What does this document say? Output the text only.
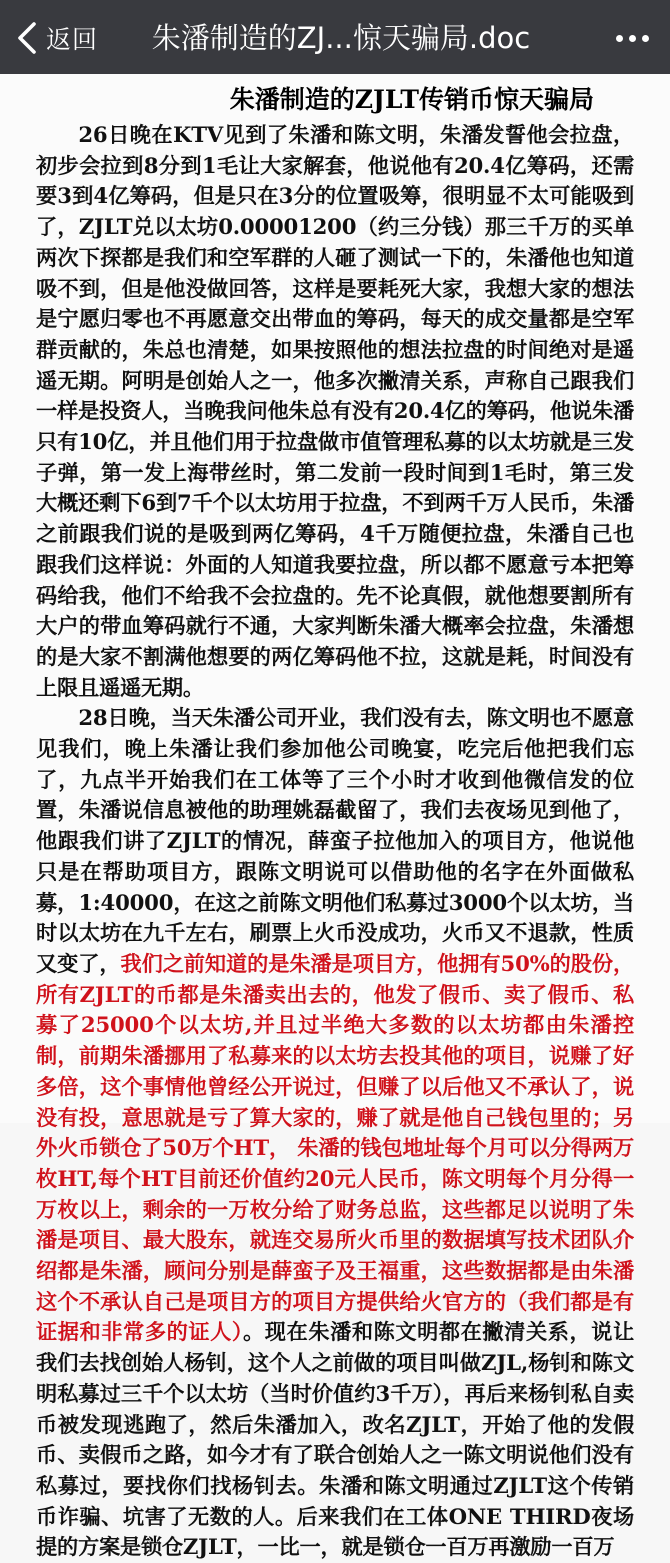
返回	朱潘制造的ZJ...惊天骗局.doc
朱潘制造的ZJLT传销币惊天骗局

26日晚在KTV见到了朱潘和陈文明，朱潘发誓他会拉盘，初步会拉到8分到1毛让大家解套，他说他有20.4亿筹码，还需要3到4亿筹码，但是只在3分的位置吸筹，很明显不太可能吸到了，ZJLT兑以太坊0.00001200（约三分钱）那三千万的买单两次下探都是我们和空军群的人砸了测试一下的，朱潘他也知道吸不到，但是他没做回答，这样是要耗死大家，我想大家的想法是宁愿归零也不再愿意交出带血的筹码，每天的成交量都是空军群贡献的，朱总也清楚，如果按照他的想法拉盘的时间绝对是遥遥无期。阿明是创始人之一，他多次撇清关系，声称自己跟我们一样是投资人，当晚我问他朱总有没有20.4亿的筹码，他说朱潘只有10亿，并且他们用于拉盘做市值管理私募的以太坊就是三发子弹，第一发上海带丝时，第二发前一段时间到1毛时，第三发大概还剩下6到7千个以太坊用于拉盘，不到两千万人民币，朱潘之前跟我们说的是吸到两亿筹码，4千万随便拉盘，朱潘自己也跟我们这样说：外面的人知道我要拉盘，所以都不愿意亏本把筹码给我，他们不给我不会拉盘的。先不论真假，就他想要割所有大户的带血筹码就行不通，大家判断朱潘大概率会拉盘，朱潘想的是大家不割满他想要的两亿筹码他不拉，这就是耗，时间没有上限且遥遥无期。

28日晚，当天朱潘公司开业，我们没有去，陈文明也不愿意见我们，晚上朱潘让我们参加他公司晚宴，吃完后他把我们忘了，九点半开始我们在工体等了三个小时才收到他微信发的位置，朱潘说信息被他的助理姚磊截留了，我们去夜场见到他了，他跟我们讲了ZJLT的情况，薛蛮子拉他加入的项目方，他说他只是在帮助项目方，跟陈文明说可以借助他的名字在外面做私募，1:40000，在这之前陈文明他们私募过3000个以太坊，当时以太坊在九千左右，刷票上火币没成功，火币又不退款，性质又变了，我们之前知道的是朱潘是项目方，他拥有50%的股份，所有ZJLT的币都是朱潘卖出去的，他发了假币、卖了假币、私募了25000个以太坊,并且过半绝大多数的以太坊都由朱潘控制，前期朱潘挪用了私募来的以太坊去投其他的项目，说赚了好多倍，这个事情他曾经公开说过，但赚了以后他又不承认了，说没有投，意思就是亏了算大家的，赚了就是他自己钱包里的；另外火币锁仓了50万个HT， 朱潘的钱包地址每个月可以分得两万枚HT,每个HT目前还价值约20元人民币，陈文明每个月分得一万枚以上，剩余的一万枚分给了财务总监，这些都足以说明了朱潘是项目、最大股东，就连交易所火币里的数据填写技术团队介绍都是朱潘，顾问分别是薛蛮子及王福重，这些数据都是由朱潘这个不承认自己是项目方的项目方提供给火官方的（我们都是有证据和非常多的证人）。现在朱潘和陈文明都在撇清关系，说让我们去找创始人杨钊，这个人之前做的项目叫做ZJL,杨钊和陈文明私募过三千个以太坊（当时价值约3千万），再后来杨钊私自卖币被发现逃跑了，然后朱潘加入，改名ZJLT，开始了他的发假币、卖假币之路，如今才有了联合创始人之一陈文明说他们没有私募过，要找你们找杨钊去。朱潘和陈文明通过ZJLT这个传销币诈骗、坑害了无数的人。后来我们在工体ONE THIRD夜场提的方案是锁仓ZJLT，一比一，就是锁仓一百万再激励一百万
